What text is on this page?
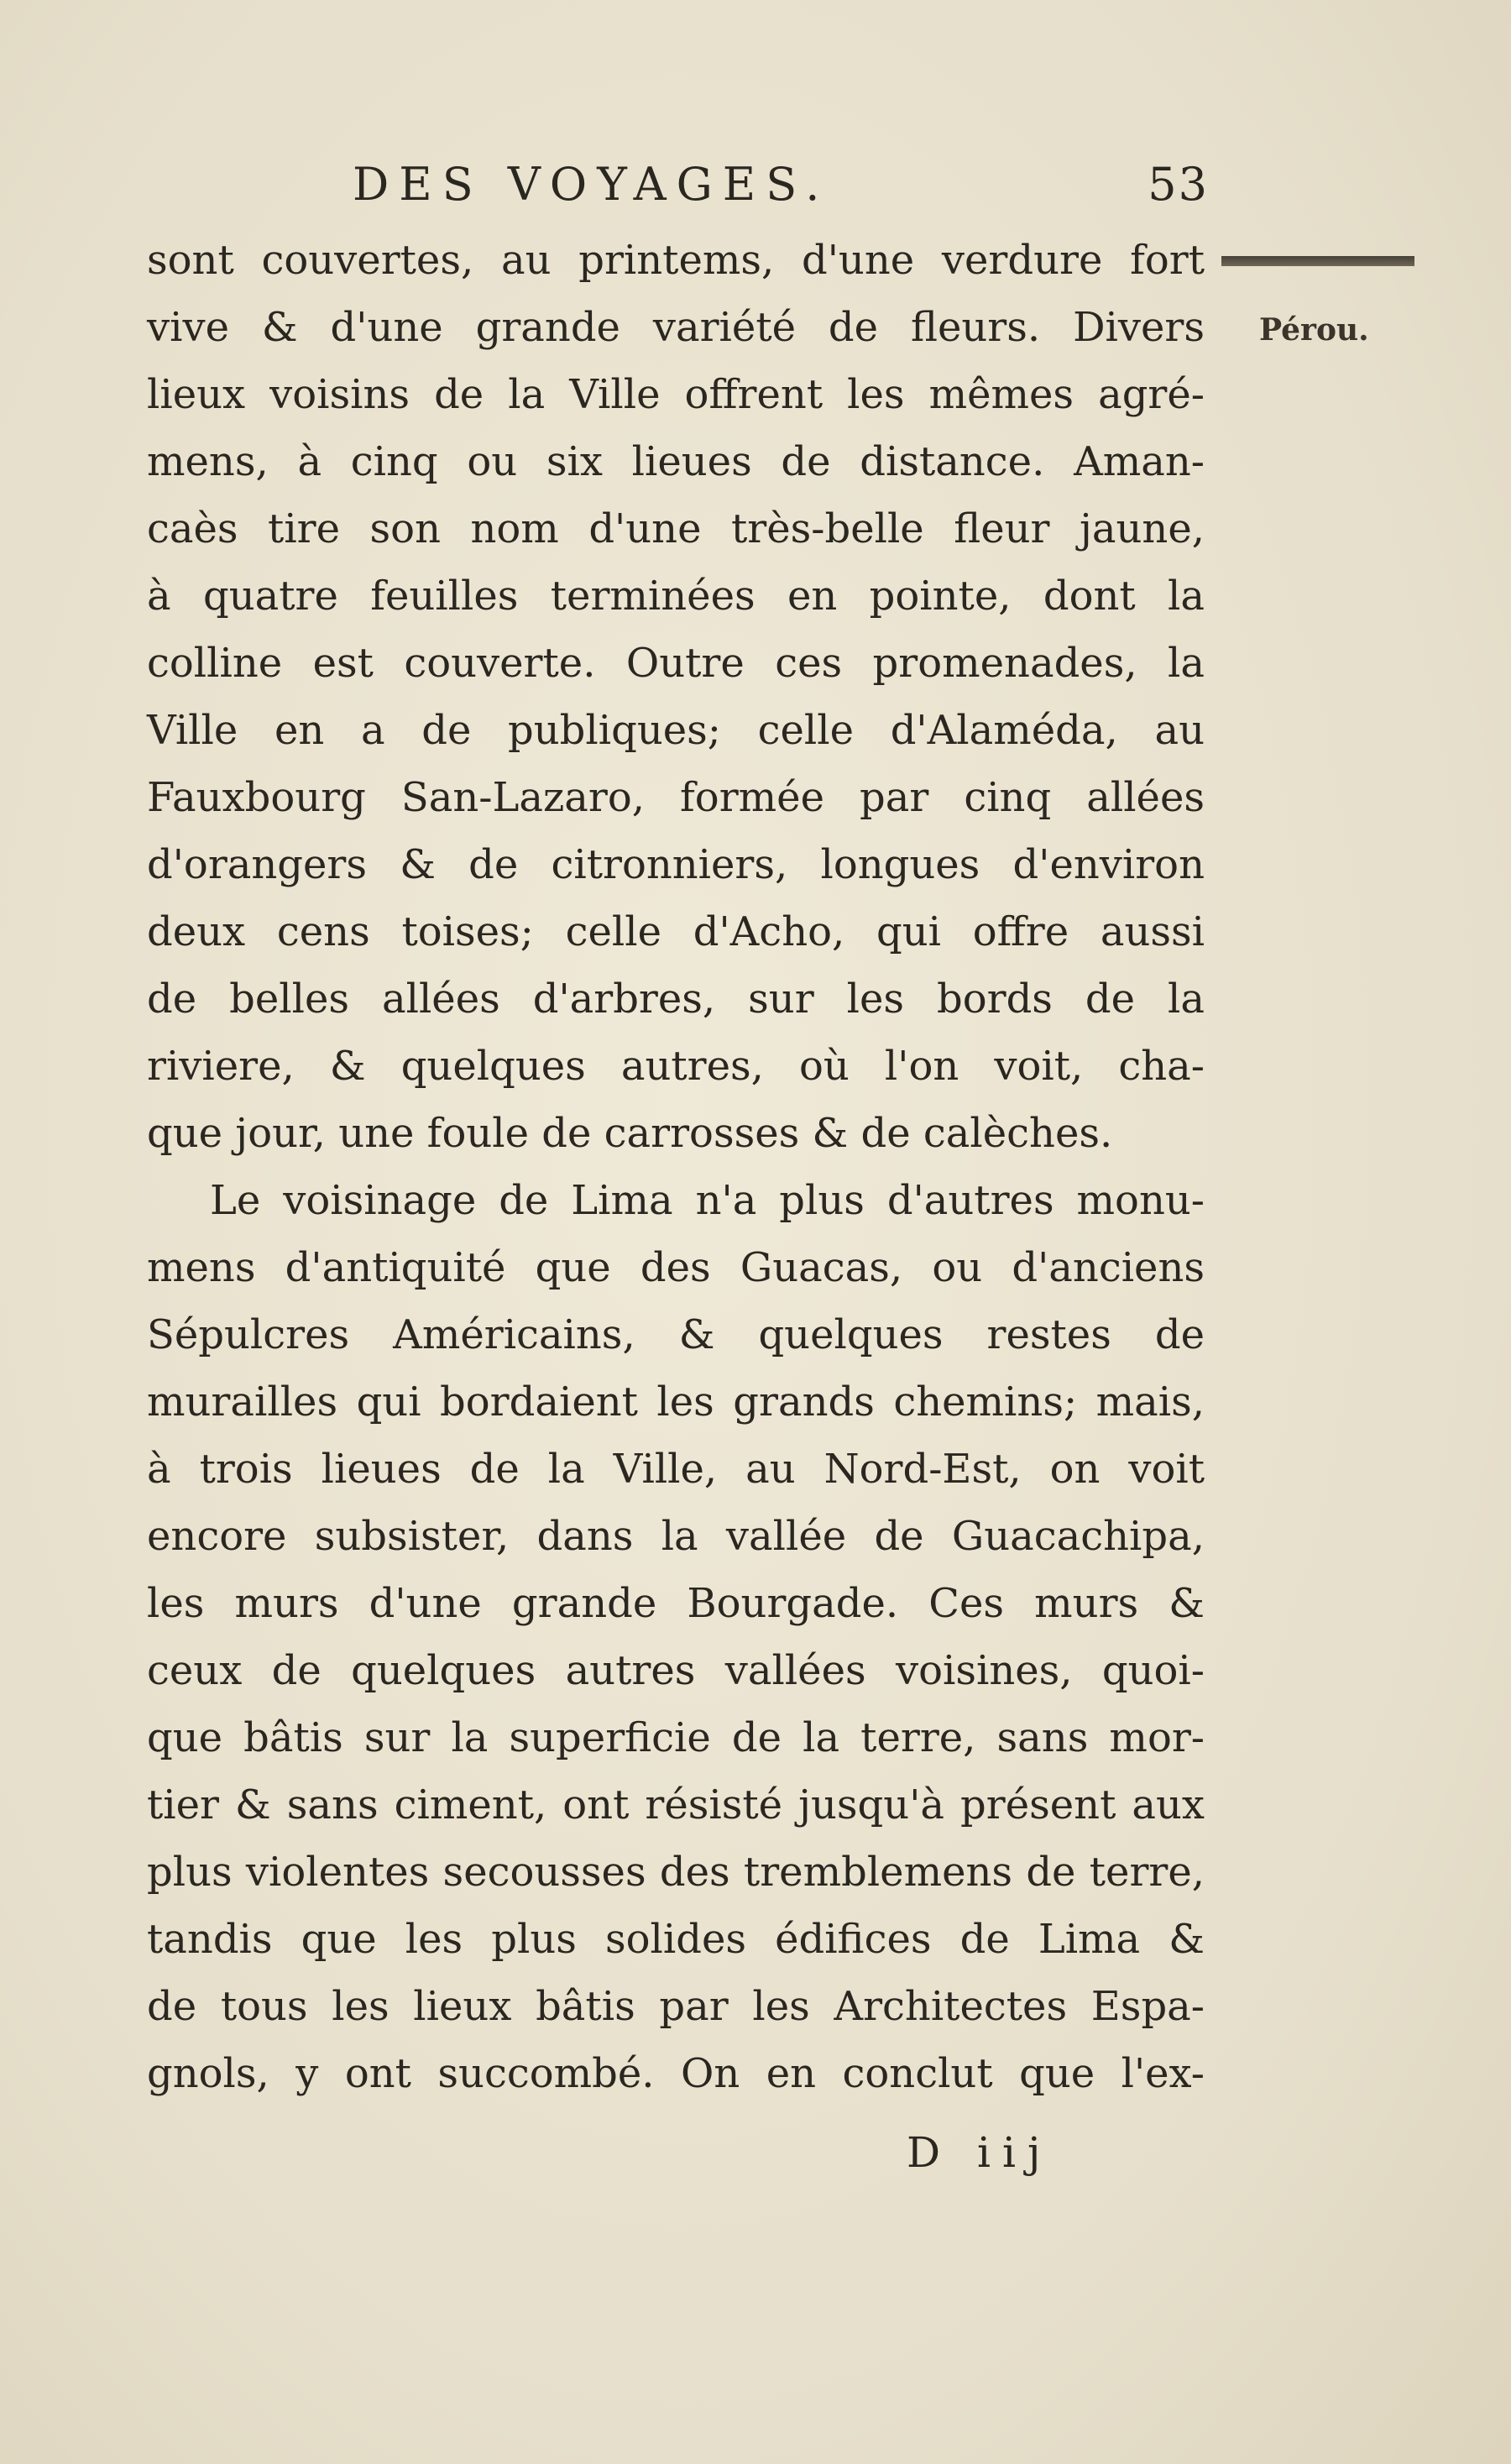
DES VOYAGES.	53
Pérou.
sont couvertes, au printems, d'une verdure fort
vive & d'une grande variété de fleurs. Divers
lieux voisins de la Ville offrent les mêmes agré-
mens, à cinq ou six lieues de distance. Aman-
caès tire son nom d'une très-belle fleur jaune,
à quatre feuilles terminées en pointe, dont la
colline est couverte. Outre ces promenades, la
Ville en a de publiques; celle d'Alaméda, au
Fauxbourg San-Lazaro, formée par cinq allées
d'orangers & de citronniers, longues d'environ
deux cens toises; celle d'Acho, qui offre aussi
de belles allées d'arbres, sur les bords de la
riviere, & quelques autres, où l'on voit, cha-
que jour, une foule de carrosses & de calèches.
Le voisinage de Lima n'a plus d'autres monu-
mens d'antiquité que des Guacas, ou d'anciens
Sépulcres Américains, & quelques restes de
murailles qui bordaient les grands chemins; mais,
à trois lieues de la Ville, au Nord-Est, on voit
encore subsister, dans la vallée de Guacachipa,
les murs d'une grande Bourgade. Ces murs &
ceux de quelques autres vallées voisines, quoi-
que bâtis sur la superficie de la terre, sans mor-
tier & sans ciment, ont résisté jusqu'à présent aux
plus violentes secousses des tremblemens de terre,
tandis que les plus solides édifices de Lima &
de tous les lieux bâtis par les Architectes Espa-
gnols, y ont succombé. On en conclut que l'ex-
D iij
